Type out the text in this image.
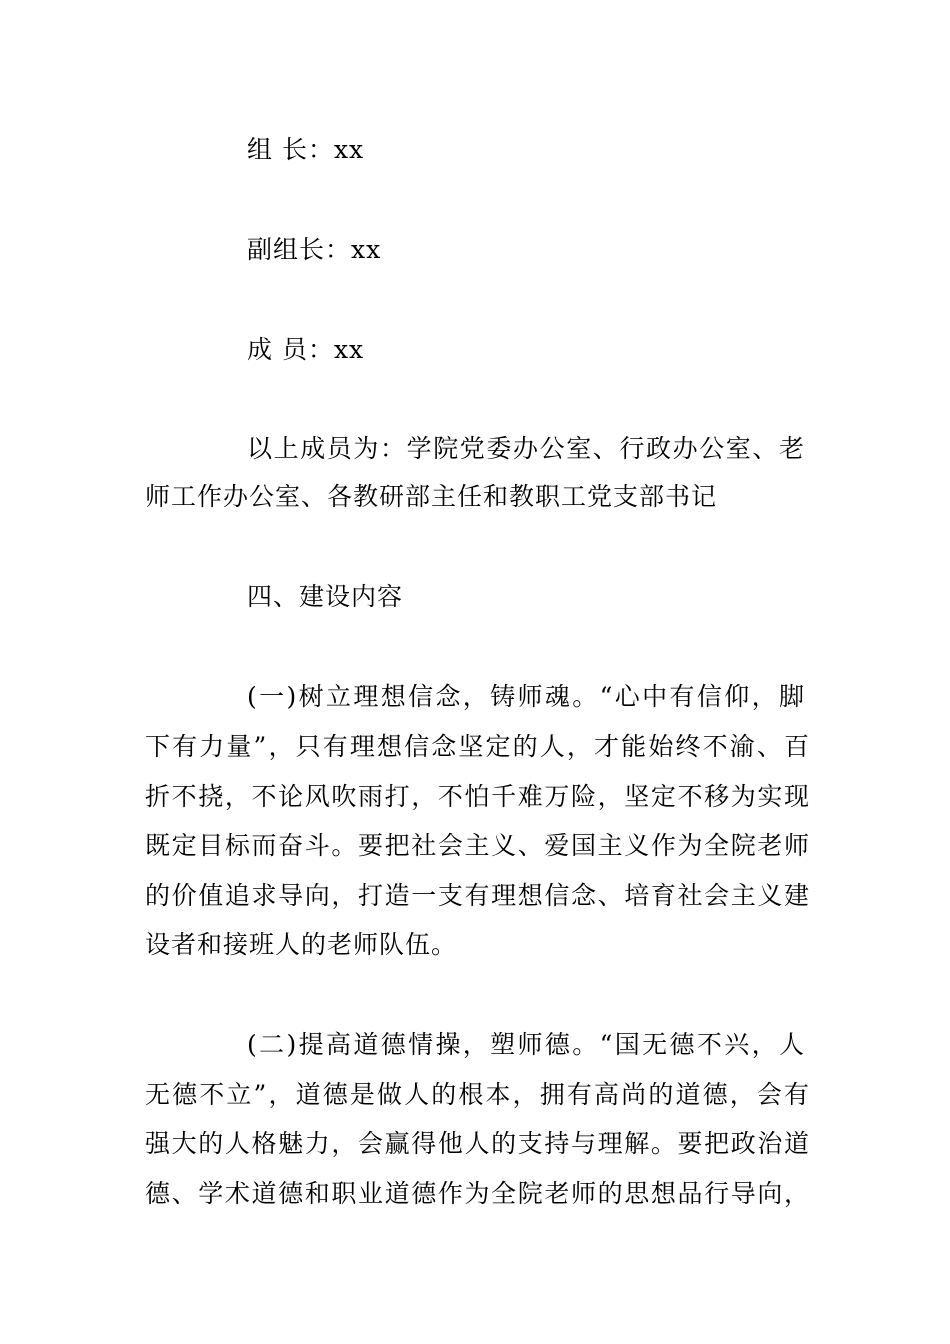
组 长：xx
副组长：xx
成 员：xx
以上成员为：学院党委办公室、行政办公室、老
师工作办公室、各教研部主任和教职工党支部书记
四、建设内容
(一)树立理想信念，铸师魂。“心中有信仰，脚
下有力量”，只有理想信念坚定的人，才能始终不渝、百
折不挠，不论风吹雨打，不怕千难万险，坚定不移为实现
既定目标而奋斗。要把社会主义、爱国主义作为全院老师
的价值追求导向，打造一支有理想信念、培育社会主义建
设者和接班人的老师队伍。
(二)提高道德情操，塑师德。“国无德不兴，人
无德不立”，道德是做人的根本，拥有高尚的道德，会有
强大的人格魅力，会赢得他人的支持与理解。要把政治道
德、学术道德和职业道德作为全院老师的思想品行导向，
